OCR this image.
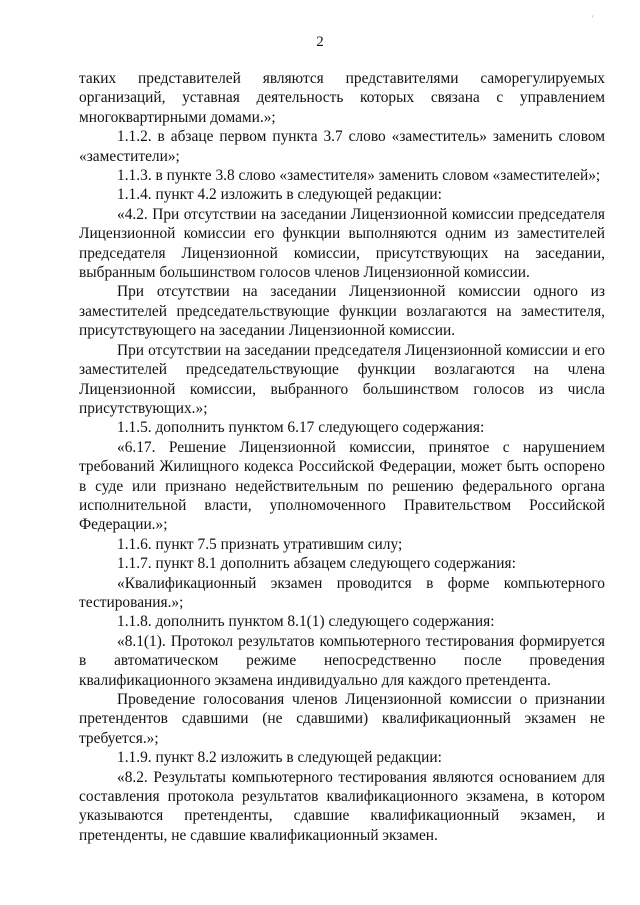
'
2

таких представителей являются представителями саморегулируемых организаций, уставная деятельность которых связана с управлением многоквартирными домами.»;

1.1.2. в абзаце первом пункта 3.7 слово «заместитель» заменить словом «заместители»;

1.1.3. в пункте 3.8 слово «заместителя» заменить словом «заместителей»;

1.1.4. пункт 4.2 изложить в следующей редакции:

«4.2. При отсутствии на заседании Лицензионной комиссии председателя Лицензионной комиссии его функции выполняются одним из заместителей председателя Лицензионной комиссии, присутствующих на заседании, выбранным большинством голосов членов Лицензионной комиссии.

При отсутствии на заседании Лицензионной комиссии одного из заместителей председательствующие функции возлагаются на заместителя, присутствующего на заседании Лицензионной комиссии.

При отсутствии на заседании председателя Лицензионной комиссии и его заместителей председательствующие функции возлагаются на члена Лицензионной комиссии, выбранного большинством голосов из числа присутствующих.»;

1.1.5. дополнить пунктом 6.17 следующего содержания:

«6.17. Решение Лицензионной комиссии, принятое с нарушением требований Жилищного кодекса Российской Федерации, может быть оспорено в суде или признано недействительным по решению федерального органа исполнительной власти, уполномоченного Правительством Российской Федерации.»;

1.1.6. пункт 7.5 признать утратившим силу;

1.1.7. пункт 8.1 дополнить абзацем следующего содержания:

«Квалификационный экзамен проводится в форме компьютерного тестирования.»;

1.1.8. дополнить пунктом 8.1(1) следующего содержания:

«8.1(1). Протокол результатов компьютерного тестирования формируется в автоматическом режиме непосредственно после проведения квалификационного экзамена индивидуально для каждого претендента.

Проведение голосования членов Лицензионной комиссии о признании претендентов сдавшими (не сдавшими) квалификационный экзамен не требуется.»;

1.1.9. пункт 8.2 изложить в следующей редакции:

«8.2. Результаты компьютерного тестирования являются основанием для составления протокола результатов квалификационного экзамена, в котором указываются претенденты, сдавшие квалификационный экзамен, и претенденты, не сдавшие квалификационный экзамен.
